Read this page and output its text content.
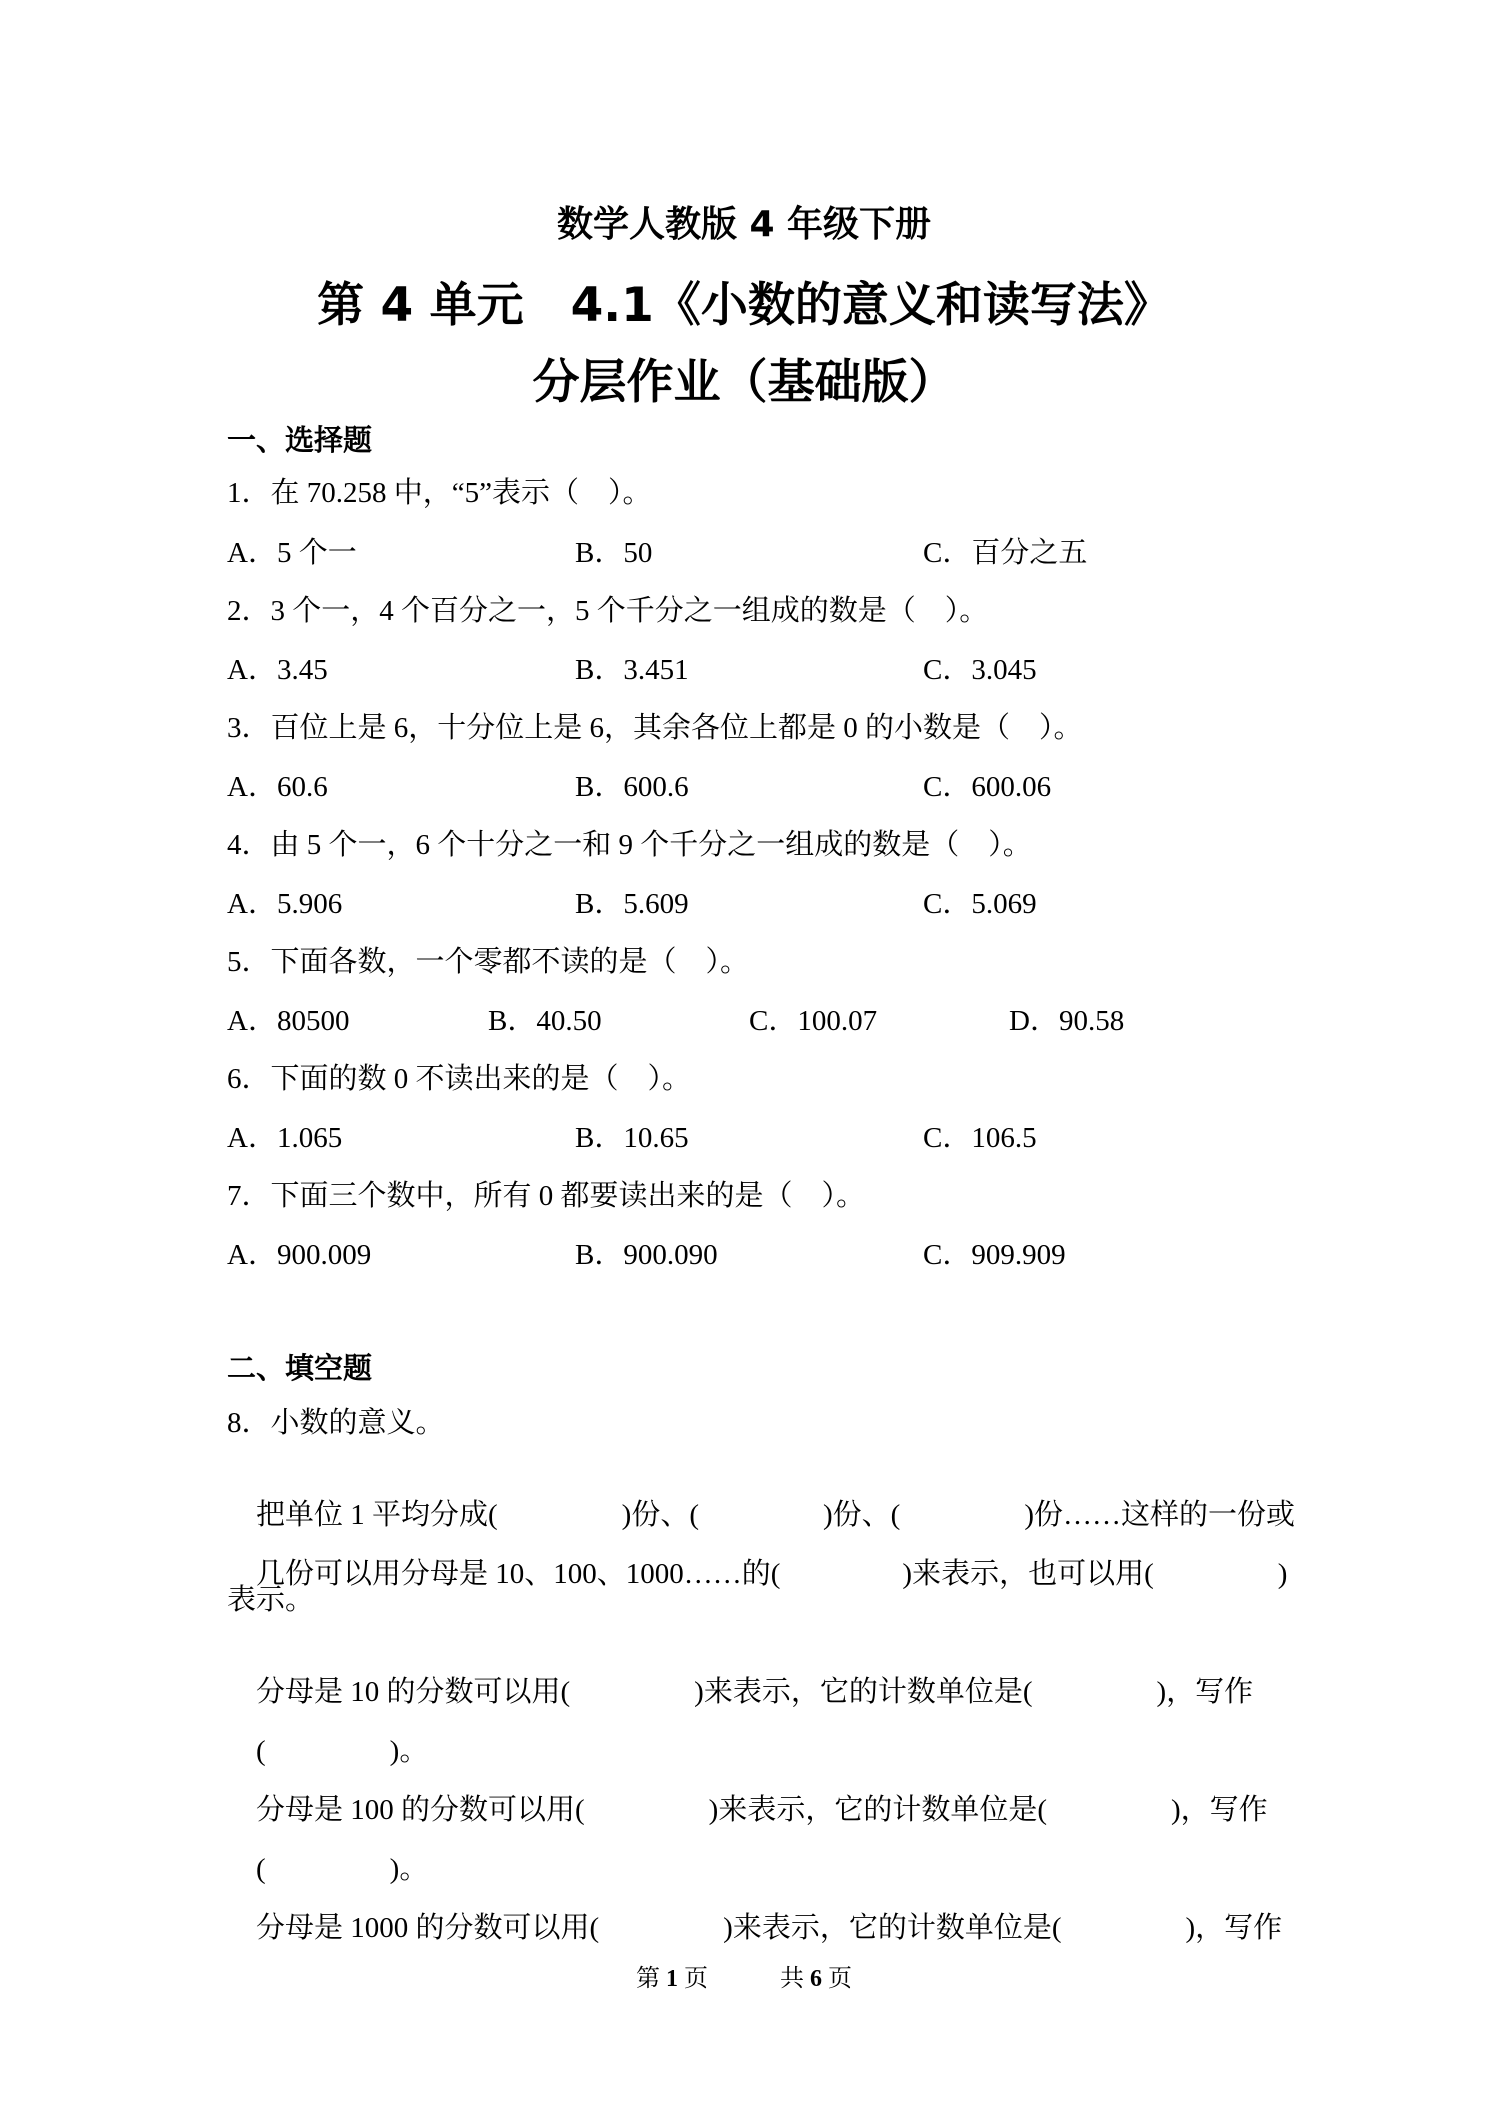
数学人教版 4 年级下册
第 4 单元　4.1《小数的意义和读写法》
分层作业（基础版）
一、选择题
1．在 70.258 中，“5”表示（　）。
A．5 个一	B．50	C．百分之五
2．3 个一，4 个百分之一，5 个千分之一组成的数是（　）。
A．3.45	B．3.451	C．3.045
3．百位上是 6，十分位上是 6，其余各位上都是 0 的小数是（　）。
A．60.6	B．600.6	C．600.06
4．由 5 个一，6 个十分之一和 9 个千分之一组成的数是（　）。
A．5.906	B．5.609	C．5.069
5．下面各数，一个零都不读的是（　）。
A．80500	B．40.50	C．100.07	D．90.58
6．下面的数 0 不读出来的是（　）。
A．1.065	B．10.65	C．106.5
7．下面三个数中，所有 0 都要读出来的是（　）。
A．900.009	B．900.090	C．909.909
二、填空题
8．小数的意义。

把单位 1 平均分成(	)份、(	)份、(	)份……这样的一份或

几份可以用分母是 10、100、1000……的(	)来表示，也可以用(	)

表示。

分母是 10 的分数可以用(	)来表示，它的计数单位是(	)，写作

(	)。

分母是 100 的分数可以用(	)来表示，它的计数单位是(	)，写作

(	)。

分母是 1000 的分数可以用(	)来表示，它的计数单位是(	)，写作

第 1 页　　　共 6 页
